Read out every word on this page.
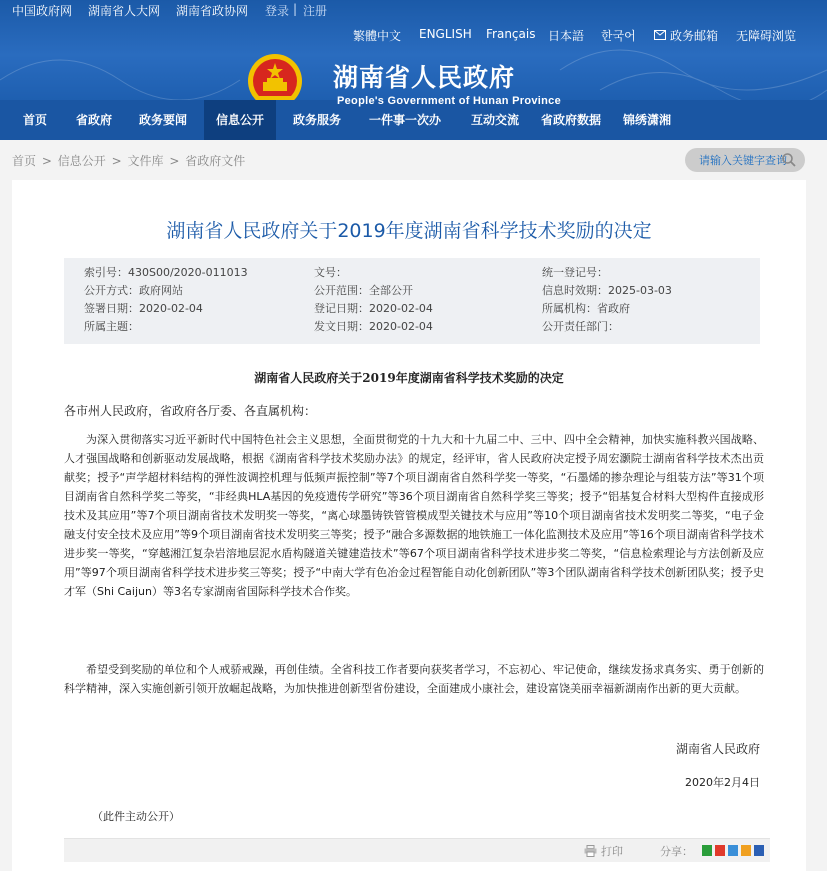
中国政府网 湖南省人大网 湖南省政协网 登录 | 注册
繁體中文 ENGLISH Français 日本語 한국어	政务邮箱 无障碍浏览
湖南省人民政府
People's Government of Hunan Province
首页	省政府	政务要闻	信息公开	政务服务	一件事一次办	互动交流	省政府数据	锦绣潇湘
首页 > 信息公开 > 文件库 > 省政府文件	请输入关键字查询
湖南省人民政府关于2019年度湖南省科学技术奖励的决定
索引号：430S00/2020-011013	文号：	统一登记号：
公开方式：政府网站	公开范围：全部公开	信息时效期：2025-03-03
签署日期：2020-02-04	登记日期：2020-02-04	所属机构：省政府
所属主题：	发文日期：2020-02-04	公开责任部门：
湖南省人民政府关于2019年度湖南省科学技术奖励的决定
各市州人民政府，省政府各厅委、各直属机构：

为深入贯彻落实习近平新时代中国特色社会主义思想，全面贯彻党的十九大和十九届二中、三中、四中全会精神，加快实施科教兴国战略、人才强国战略和创新驱动发展战略，根据《湖南省科学技术奖励办法》的规定，经评审，省人民政府决定授予周宏灏院士湖南省科学技术杰出贡献奖；授予“声学超材料结构的弹性波调控机理与低频声振控制”等7个项目湖南省自然科学奖一等奖，“石墨烯的掺杂理论与组装方法”等31个项目湖南省自然科学奖二等奖，“非经典HLA基因的免疫遗传学研究”等36个项目湖南省自然科学奖三等奖；授予“铝基复合材料大型构件直接成形技术及其应用”等7个项目湖南省技术发明奖一等奖，“离心球墨铸铁管管模成型关键技术与应用”等10个项目湖南省技术发明奖二等奖，“电子金融支付安全技术及应用”等9个项目湖南省技术发明奖三等奖；授予“融合多源数据的地铁施工一体化监测技术及应用”等16个项目湖南省科学技术进步奖一等奖，“穿越湘江复杂岩溶地层泥水盾构隧道关键建造技术”等67个项目湖南省科学技术进步奖二等奖，“信息检索理论与方法创新及应用”等97个项目湖南省科学技术进步奖三等奖；授予“中南大学有色冶金过程智能自动化创新团队”等3个团队湖南省科学技术创新团队奖；授予史才军（Shi Caijun）等3名专家湖南省国际科学技术合作奖。

希望受到奖励的单位和个人戒骄戒躁，再创佳绩。全省科技工作者要向获奖者学习，不忘初心、牢记使命，继续发扬求真务实、勇于创新的科学精神，深入实施创新引领开放崛起战略，为加快推进创新型省份建设，全面建成小康社会，建设富饶美丽幸福新湖南作出新的更大贡献。

湖南省人民政府
2020年2月4日
（此件主动公开）
打印	分享：
